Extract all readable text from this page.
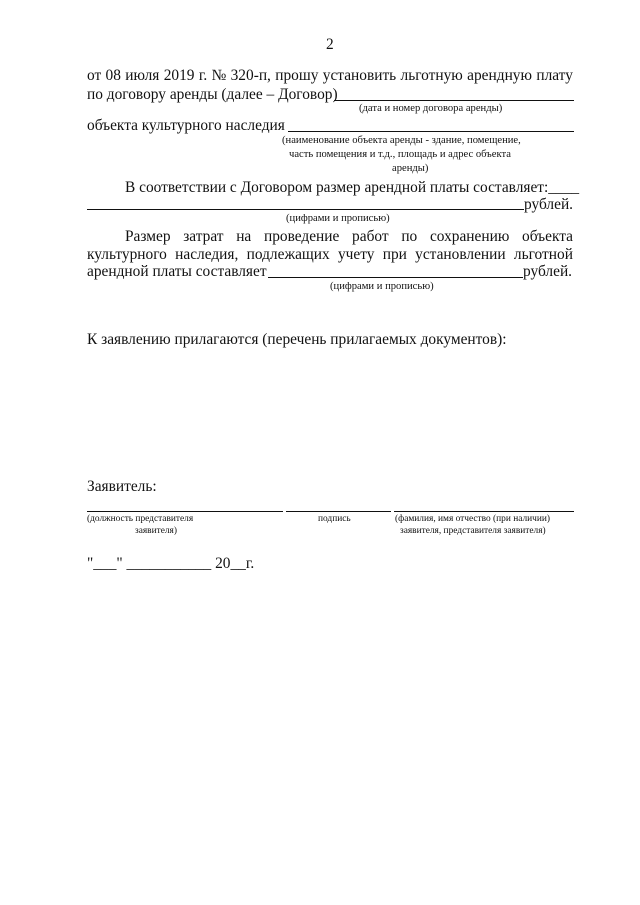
2
от 08 июля 2019 г. № 320-п, прошу установить льготную арендную плату
по договору аренды (далее – Договор)
(дата и номер договора аренды)
объекта культурного наследия
(наименование объекта аренды - здание, помещение,
часть помещения и т.д., площадь и адрес объекта
аренды)
В соответствии с Договором размер арендной платы составляет:____
рублей.
(цифрами и прописью)
Размер затрат на проведение работ по сохранению объекта
культурного наследия, подлежащих учету при установлении льготной
арендной платы составляет	рублей.
(цифрами и прописью)
К заявлению прилагаются (перечень прилагаемых документов):
Заявитель:
(должность представителя
заявителя)
подпись	(фамилия, имя отчество (при наличии)
заявителя, представителя заявителя)
"___" ___________ 20__г.
